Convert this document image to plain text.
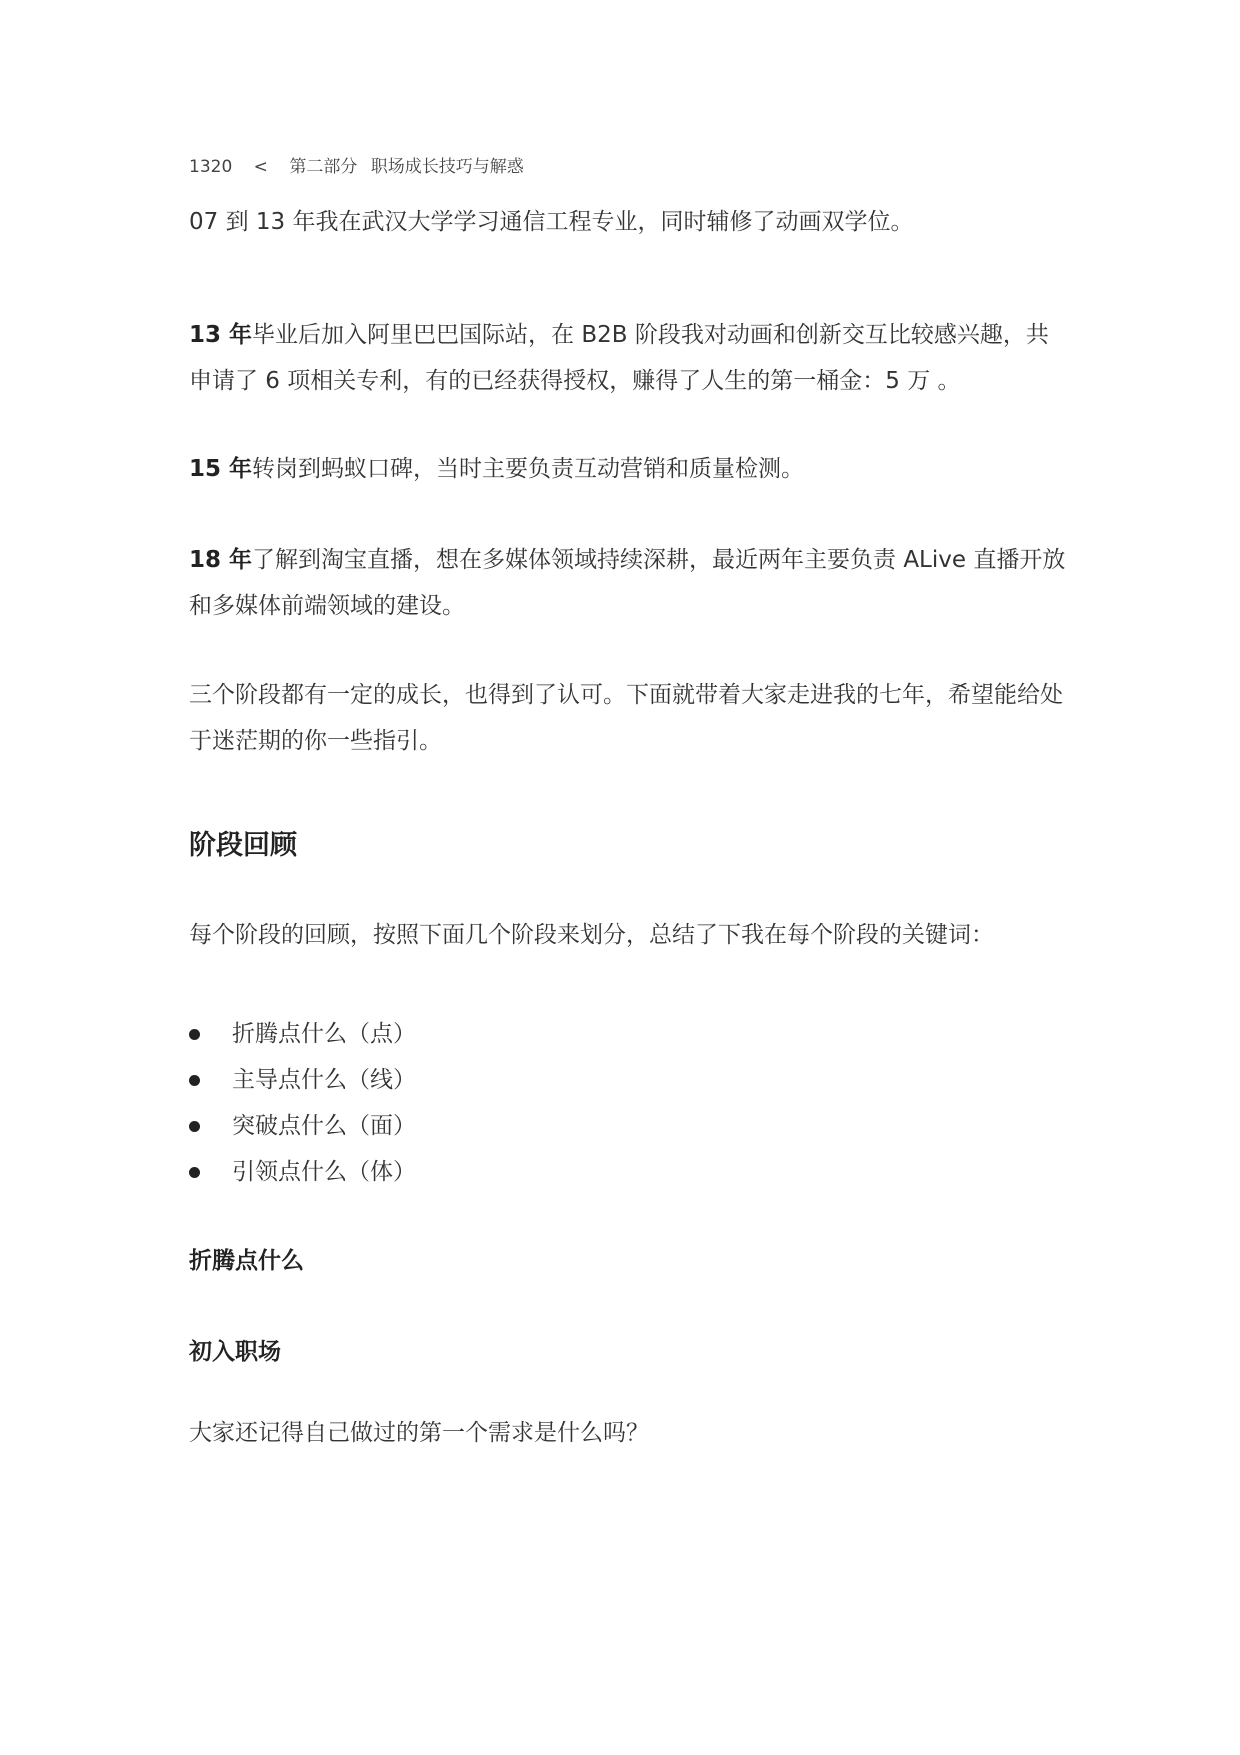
1320 < 第二部分 职场成长技巧与解惑

07 到 13 年我在武汉大学学习通信工程专业，同时辅修了动画双学位。

13 年毕业后加入阿里巴巴国际站，在 B2B 阶段我对动画和创新交互比较感兴趣，共申请了 6 项相关专利，有的已经获得授权，赚得了人生的第一桶金：5 万 。

15 年转岗到蚂蚁口碑，当时主要负责互动营销和质量检测。

18 年了解到淘宝直播，想在多媒体领域持续深耕，最近两年主要负责 ALive 直播开放和多媒体前端领域的建设。

三个阶段都有一定的成长，也得到了认可。下面就带着大家走进我的七年，希望能给处于迷茫期的你一些指引。

阶段回顾

每个阶段的回顾，按照下面几个阶段来划分，总结了下我在每个阶段的关键词：

折腾点什么（点）
主导点什么（线）
突破点什么（面）
引领点什么（体）
折腾点什么
初入职场

大家还记得自己做过的第一个需求是什么吗？
